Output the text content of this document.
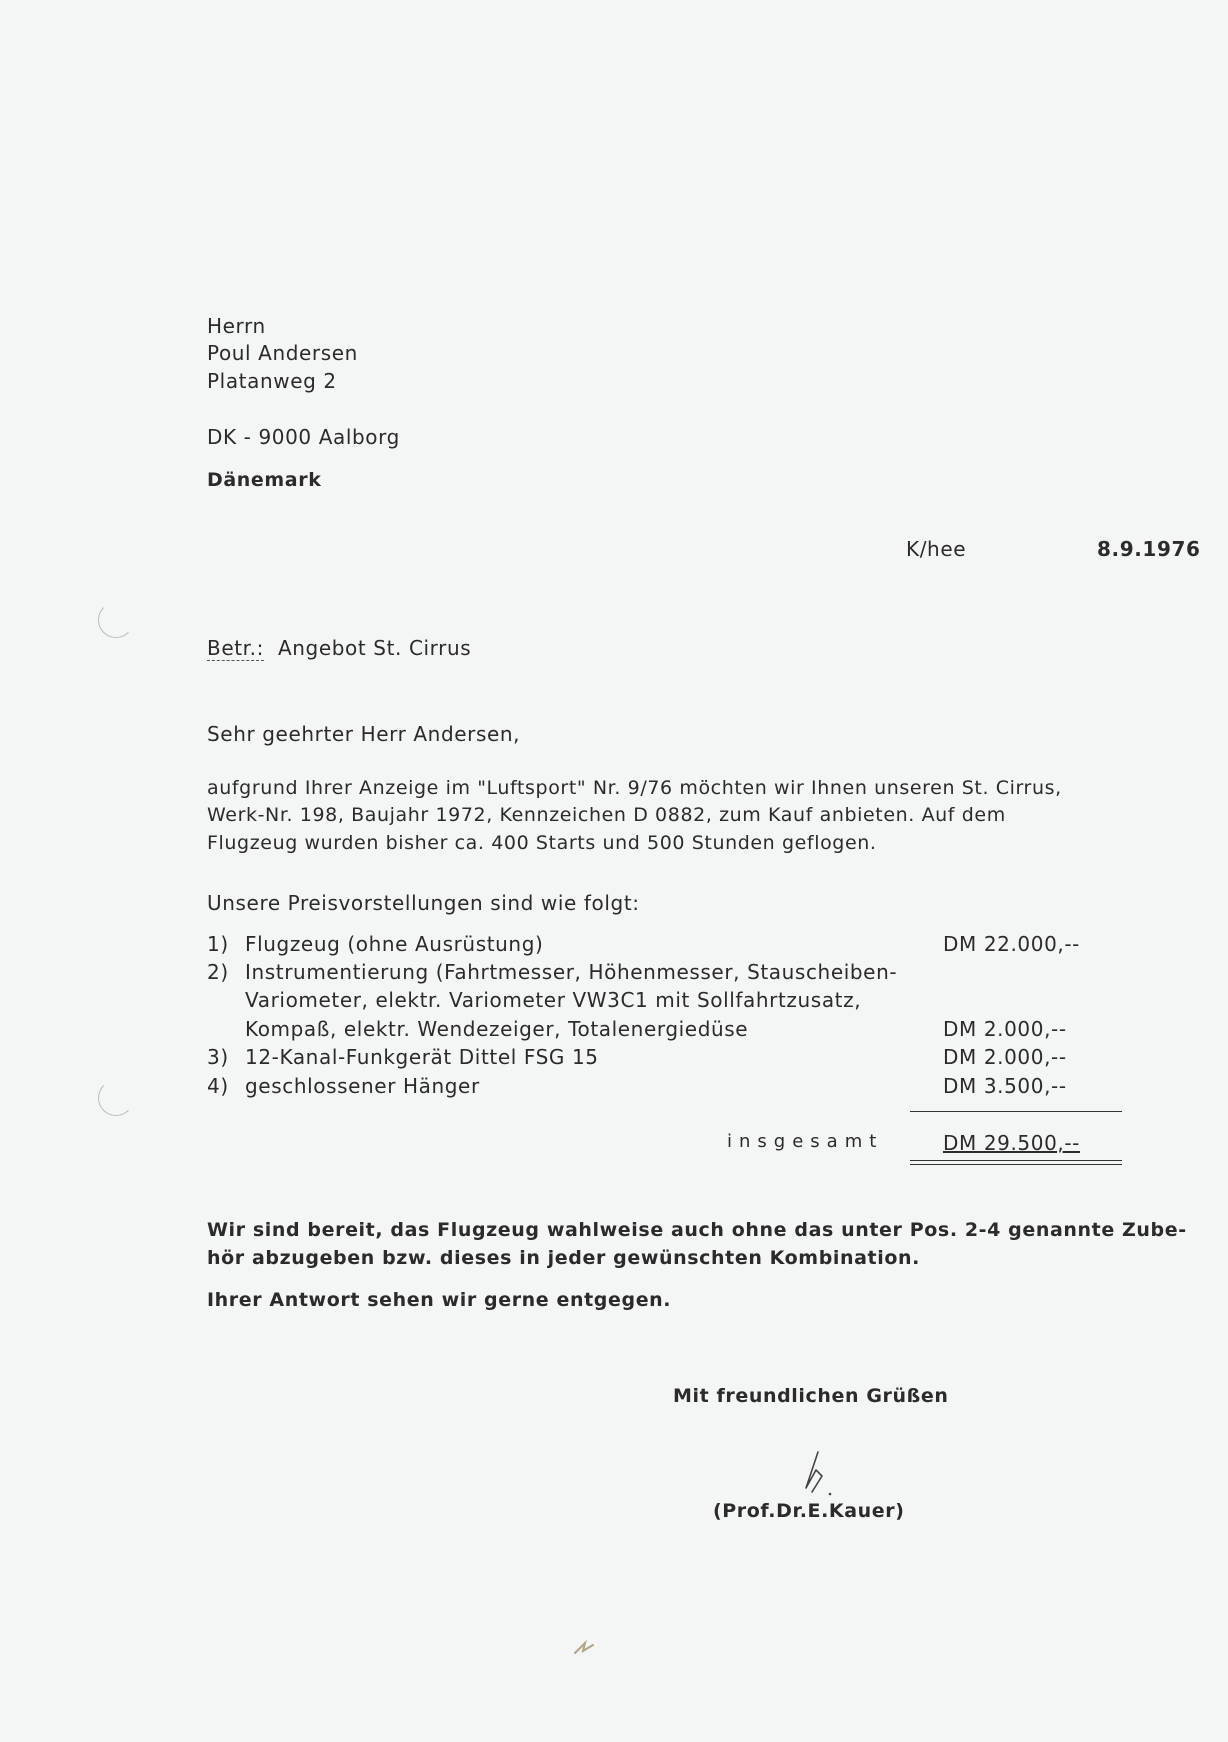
Herrn
Poul Andersen
Platanweg 2
DK - 9000 Aalborg
Dänemark
K/hee	8.9.1976
Betr.: Angebot St. Cirrus
Sehr geehrter Herr Andersen,
aufgrund Ihrer Anzeige im "Luftsport" Nr. 9/76 möchten wir Ihnen unseren St. Cirrus,
Werk-Nr. 198, Baujahr 1972, Kennzeichen D 0882, zum Kauf anbieten. Auf dem
Flugzeug wurden bisher ca. 400 Starts und 500 Stunden geflogen.
Unsere Preisvorstellungen sind wie folgt:
1) Flugzeug (ohne Ausrüstung)	DM 22.000,--
2) Instrumentierung (Fahrtmesser, Höhenmesser, Stauscheiben-
Variometer, elektr. Variometer VW3C1 mit Sollfahrtzusatz,
Kompaß, elektr. Wendezeiger, Totalenergiedüse	DM 2.000,--
3) 12-Kanal-Funkgerät Dittel FSG 15	DM 2.000,--
4) geschlossener Hänger	DM 3.500,--
insgesamt	DM 29.500,--
Wir sind bereit, das Flugzeug wahlweise auch ohne das unter Pos. 2-4 genannte Zube-
hör abzugeben bzw. dieses in jeder gewünschten Kombination.
Ihrer Antwort sehen wir gerne entgegen.
Mit freundlichen Grüßen
(Prof.Dr.E.Kauer)
